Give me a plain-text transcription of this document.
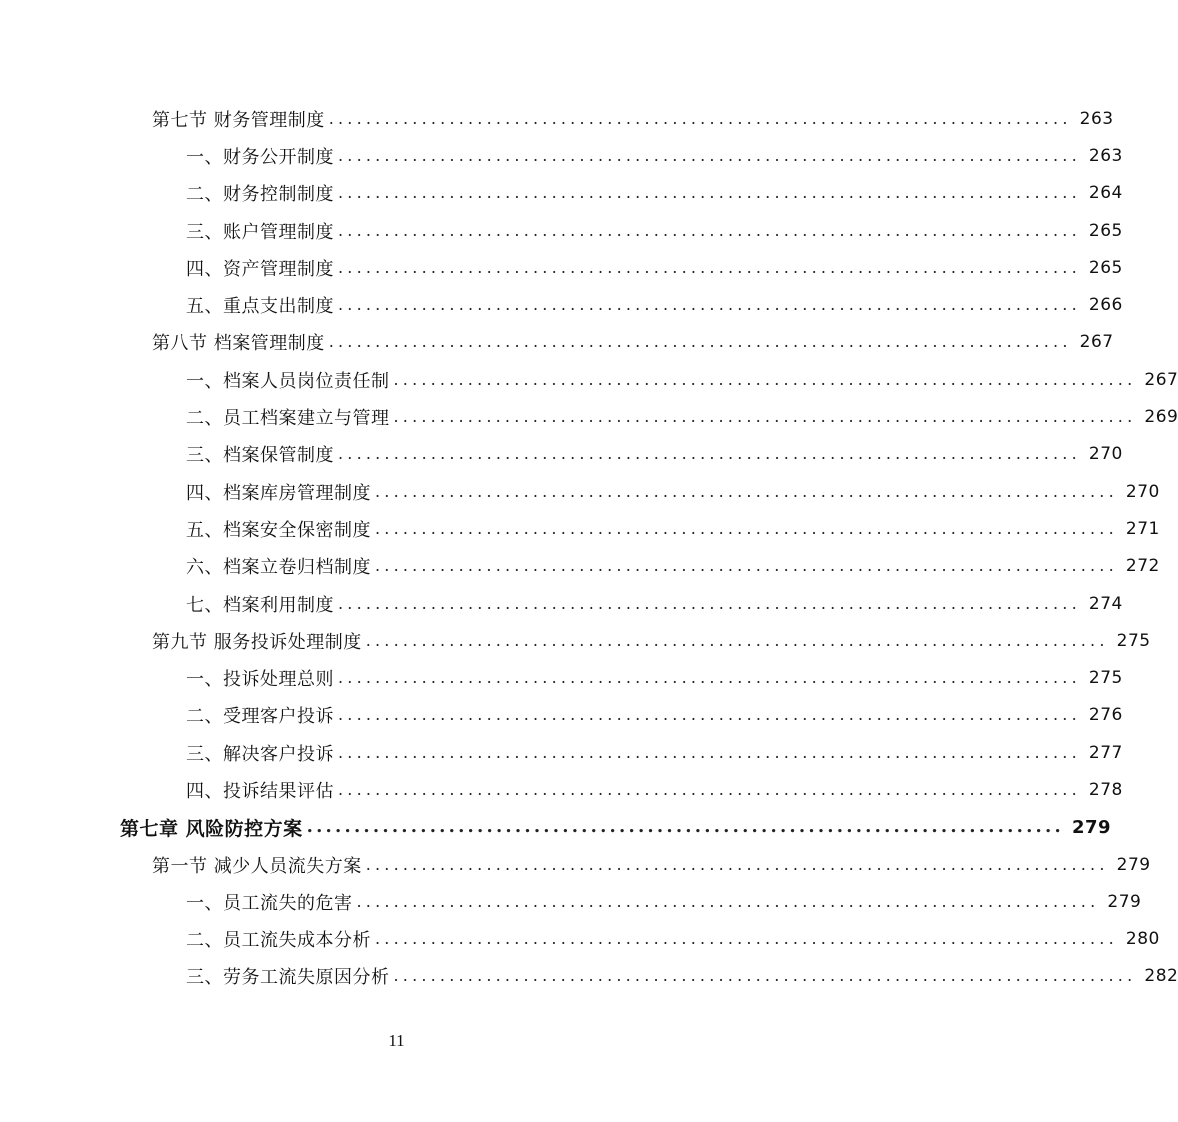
第七节 财务管理制度 ................................................................................ 263
一、财务公开制度 ................................................................................ 263
二、财务控制制度 ................................................................................ 264
三、账户管理制度 ................................................................................ 265
四、资产管理制度 ................................................................................ 265
五、重点支出制度 ................................................................................ 266
第八节 档案管理制度 ................................................................................ 267
一、档案人员岗位责任制 ................................................................................ 267
二、员工档案建立与管理 ................................................................................ 269
三、档案保管制度 ................................................................................ 270
四、档案库房管理制度 ................................................................................ 270
五、档案安全保密制度 ................................................................................ 271
六、档案立卷归档制度 ................................................................................ 272
七、档案利用制度 ................................................................................ 274
第九节 服务投诉处理制度 ................................................................................ 275
一、投诉处理总则 ................................................................................ 275
二、受理客户投诉 ................................................................................ 276
三、解决客户投诉 ................................................................................ 277
四、投诉结果评估 ................................................................................ 278
第七章 风险防控方案 ................................................................................ 279
第一节 减少人员流失方案 ................................................................................ 279
一、员工流失的危害 ................................................................................ 279
二、员工流失成本分析 ................................................................................ 280
三、劳务工流失原因分析 ................................................................................ 282
11
